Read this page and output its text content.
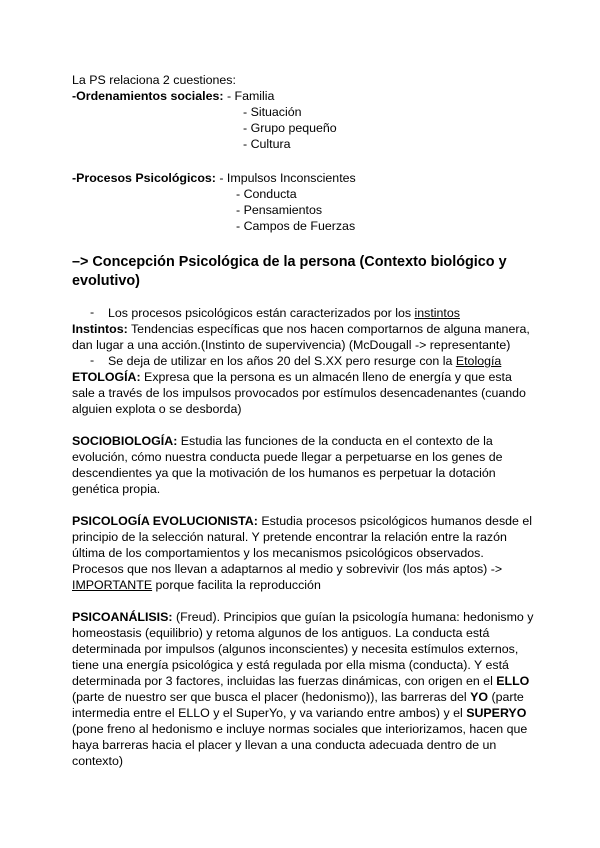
La PS relaciona 2 cuestiones:
-Ordenamientos sociales: - Familia
- Situación
- Grupo pequeño
- Cultura
-Procesos Psicológicos: - Impulsos Inconscientes
- Conducta
- Pensamientos
- Campos de Fuerzas
–> Concepción Psicológica de la persona (Contexto biológico y
evolutivo)
- Los procesos psicológicos están caracterizados por los instintos
Instintos: Tendencias específicas que nos hacen comportarnos de alguna manera,
dan lugar a una acción.(Instinto de supervivencia) (McDougall -> representante)
- Se deja de utilizar en los años 20 del S.XX pero resurge con la Etología
ETOLOGÍA: Expresa que la persona es un almacén lleno de energía y que esta
sale a través de los impulsos provocados por estímulos desencadenantes (cuando
alguien explota o se desborda)
SOCIOBIOLOGÍA: Estudia las funciones de la conducta en el contexto de la
evolución, cómo nuestra conducta puede llegar a perpetuarse en los genes de
descendientes ya que la motivación de los humanos es perpetuar la dotación
genética propia.
PSICOLOGÍA EVOLUCIONISTA: Estudia procesos psicológicos humanos desde el
principio de la selección natural. Y pretende encontrar la relación entre la razón
última de los comportamientos y los mecanismos psicológicos observados.
Procesos que nos llevan a adaptarnos al medio y sobrevivir (los más aptos) ->
IMPORTANTE porque facilita la reproducción
PSICOANÁLISIS: (Freud). Principios que guían la psicología humana: hedonismo y
homeostasis (equilibrio) y retoma algunos de los antiguos. La conducta está
determinada por impulsos (algunos inconscientes) y necesita estímulos externos,
tiene una energía psicológica y está regulada por ella misma (conducta). Y está
determinada por 3 factores, incluidas las fuerzas dinámicas, con origen en el ELLO
(parte de nuestro ser que busca el placer (hedonismo)), las barreras del YO (parte
intermedia entre el ELLO y el SuperYo, y va variando entre ambos) y el SUPERYO
(pone freno al hedonismo e incluye normas sociales que interiorizamos, hacen que
haya barreras hacia el placer y llevan a una conducta adecuada dentro de un
contexto)
